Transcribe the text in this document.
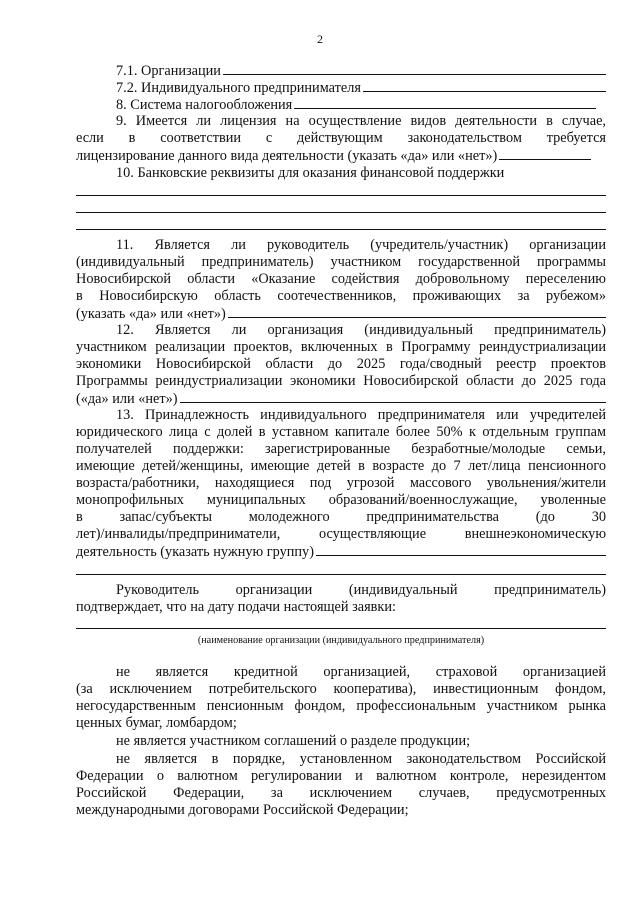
2
7.1. Организации
7.2. Индивидуального предпринимателя
8. Система налогообложения
9. Имеется ли лицензия на осуществление видов деятельности в случае,
если в соответствии с действующим законодательством требуется
лицензирование данного вида деятельности (указать «да» или «нет»)
10. Банковские реквизиты для оказания финансовой поддержки
11. Является ли руководитель (учредитель/участник) организации
(индивидуальный предприниматель) участником государственной программы
Новосибирской области «Оказание содействия добровольному переселению
в Новосибирскую область соотечественников, проживающих за рубежом»
(указать «да» или «нет»)
12. Является ли организация (индивидуальный предприниматель)
участником реализации проектов, включенных в Программу реиндустриализации
экономики Новосибирской области до 2025 года/сводный реестр проектов
Программы реиндустриализации экономики Новосибирской области до 2025 года
(«да» или «нет»)
13. Принадлежность индивидуального предпринимателя или учредителей
юридического лица с долей в уставном капитале более 50% к отдельным группам
получателей поддержки: зарегистрированные безработные/молодые семьи,
имеющие детей/женщины, имеющие детей в возрасте до 7 лет/лица пенсионного
возраста/работники, находящиеся под угрозой массового увольнения/жители
монопрофильных муниципальных образований/военнослужащие, уволенные
в запас/субъекты молодежного предпринимательства (до 30
лет)/инвалиды/предприниматели, осуществляющие внешнеэкономическую
деятельность (указать нужную группу)
Руководитель организации (индивидуальный предприниматель)
подтверждает, что на дату подачи настоящей заявки:
(наименование организации (индивидуального предпринимателя)
не является кредитной организацией, страховой организацией
(за исключением потребительского кооператива), инвестиционным фондом,
негосударственным пенсионным фондом, профессиональным участником рынка
ценных бумаг, ломбардом;
не является участником соглашений о разделе продукции;
не является в порядке, установленном законодательством Российской
Федерации о валютном регулировании и валютном контроле, нерезидентом
Российской Федерации, за исключением случаев, предусмотренных
международными договорами Российской Федерации;
